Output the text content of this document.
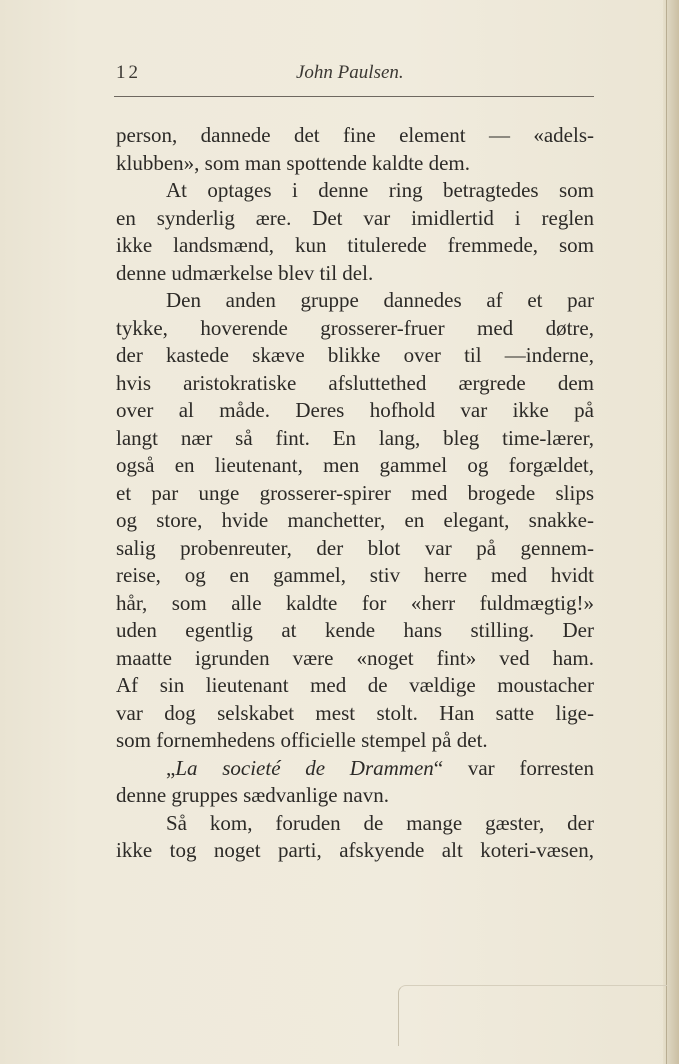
12	John Paulsen.
person, dannede det fine element — «adels-
klubben», som man spottende kaldte dem.
At optages i denne ring betragtedes som
en synderlig ære. Det var imidlertid i reglen
ikke landsmænd, kun titulerede fremmede, som
denne udmærkelse blev til del.
Den anden gruppe dannedes af et par
tykke, hoverende grosserer-fruer med døtre,
der kastede skæve blikke over til —inderne,
hvis aristokratiske afsluttethed ærgrede dem
over al måde. Deres hofhold var ikke på
langt nær så fint. En lang, bleg time-lærer,
også en lieutenant, men gammel og forgældet,
et par unge grosserer-spirer med brogede slips
og store, hvide manchetter, en elegant, snakke-
salig probenreuter, der blot var på gennem-
reise, og en gammel, stiv herre med hvidt
hår, som alle kaldte for «herr fuldmægtig!»
uden egentlig at kende hans stilling. Der
maatte igrunden være «noget fint» ved ham.
Af sin lieutenant med de vældige moustacher
var dog selskabet mest stolt. Han satte lige-
som fornemhedens officielle stempel på det.
„La societé de Drammen“ var forresten
denne gruppes sædvanlige navn.
Så kom, foruden de mange gæster, der
ikke tog noget parti, afskyende alt koteri-væsen,
